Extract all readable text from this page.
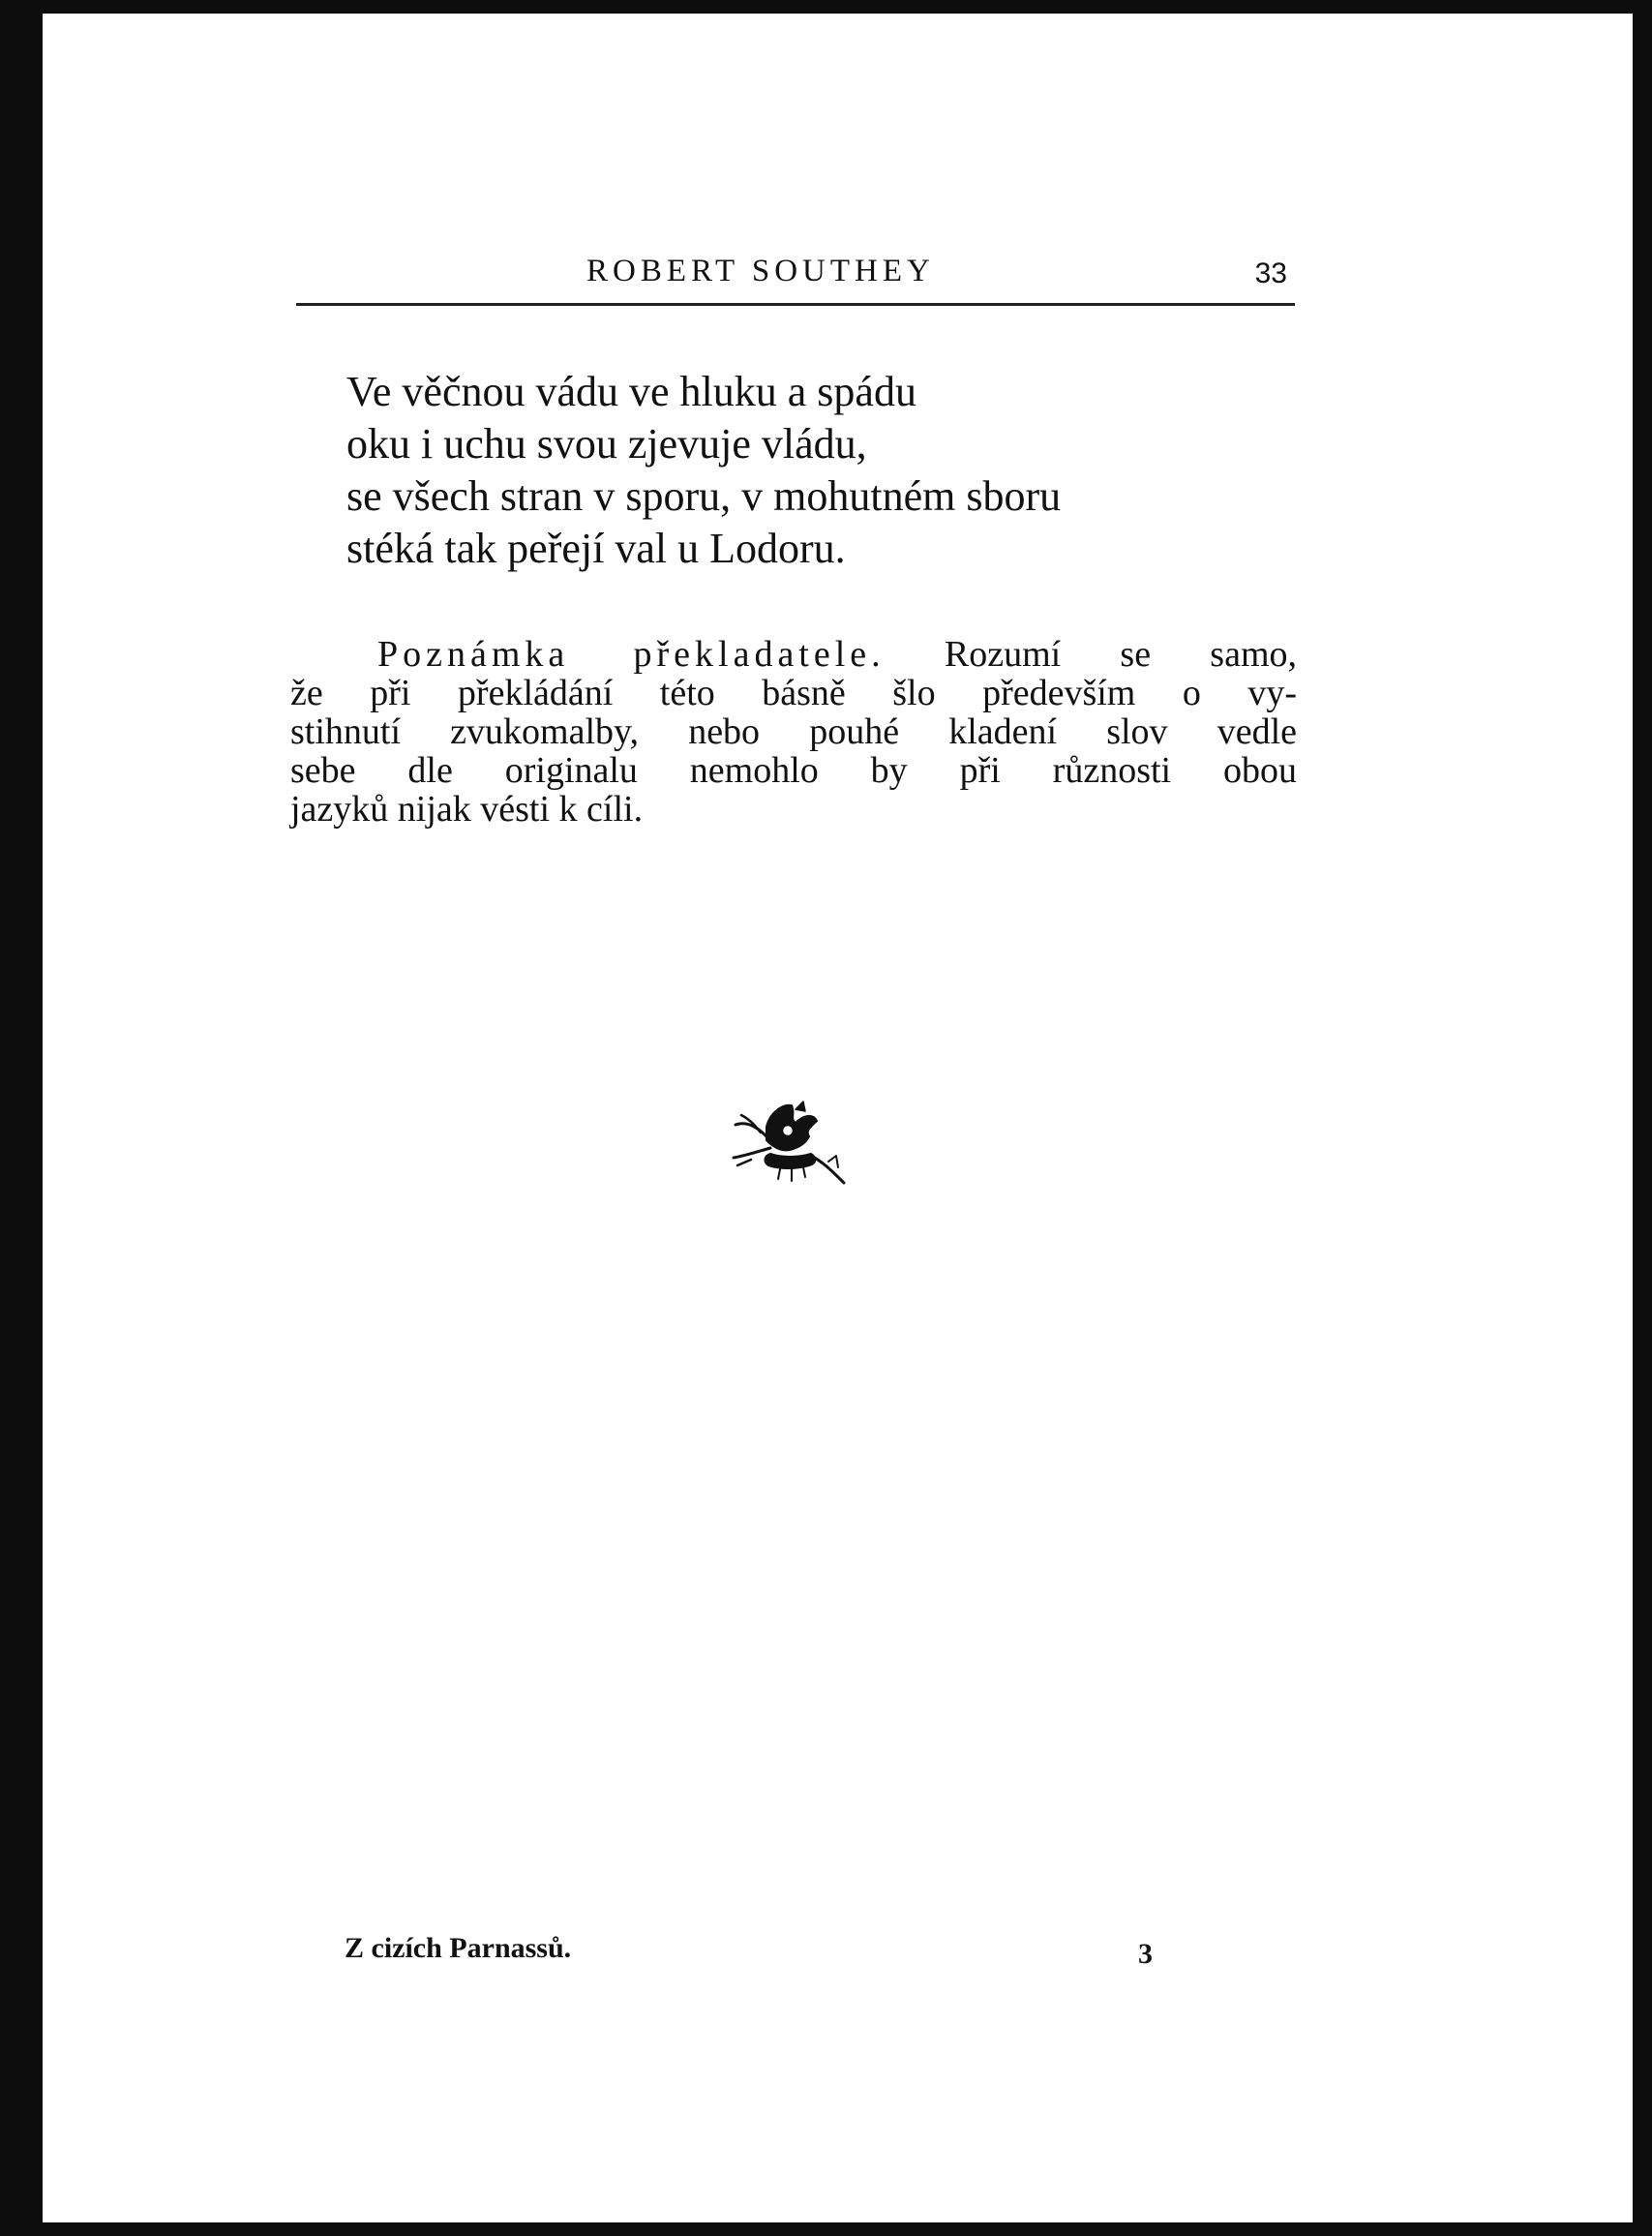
ROBERT SOUTHEY	33
Ve věčnou vádu ve hluku a spádu
oku i uchu svou zjevuje vládu,
se všech stran v sporu, v mohutném sboru
stéká tak peřejí val u Lodoru.
Poznámka překladatele. Rozumí se samo,
že při překládání této básně šlo především o vy-
stihnutí zvukomalby, nebo pouhé kladení slov vedle
sebe dle originalu nemohlo by při různosti obou
jazyků nijak vésti k cíli.
Z cizích Parnassů.	3
